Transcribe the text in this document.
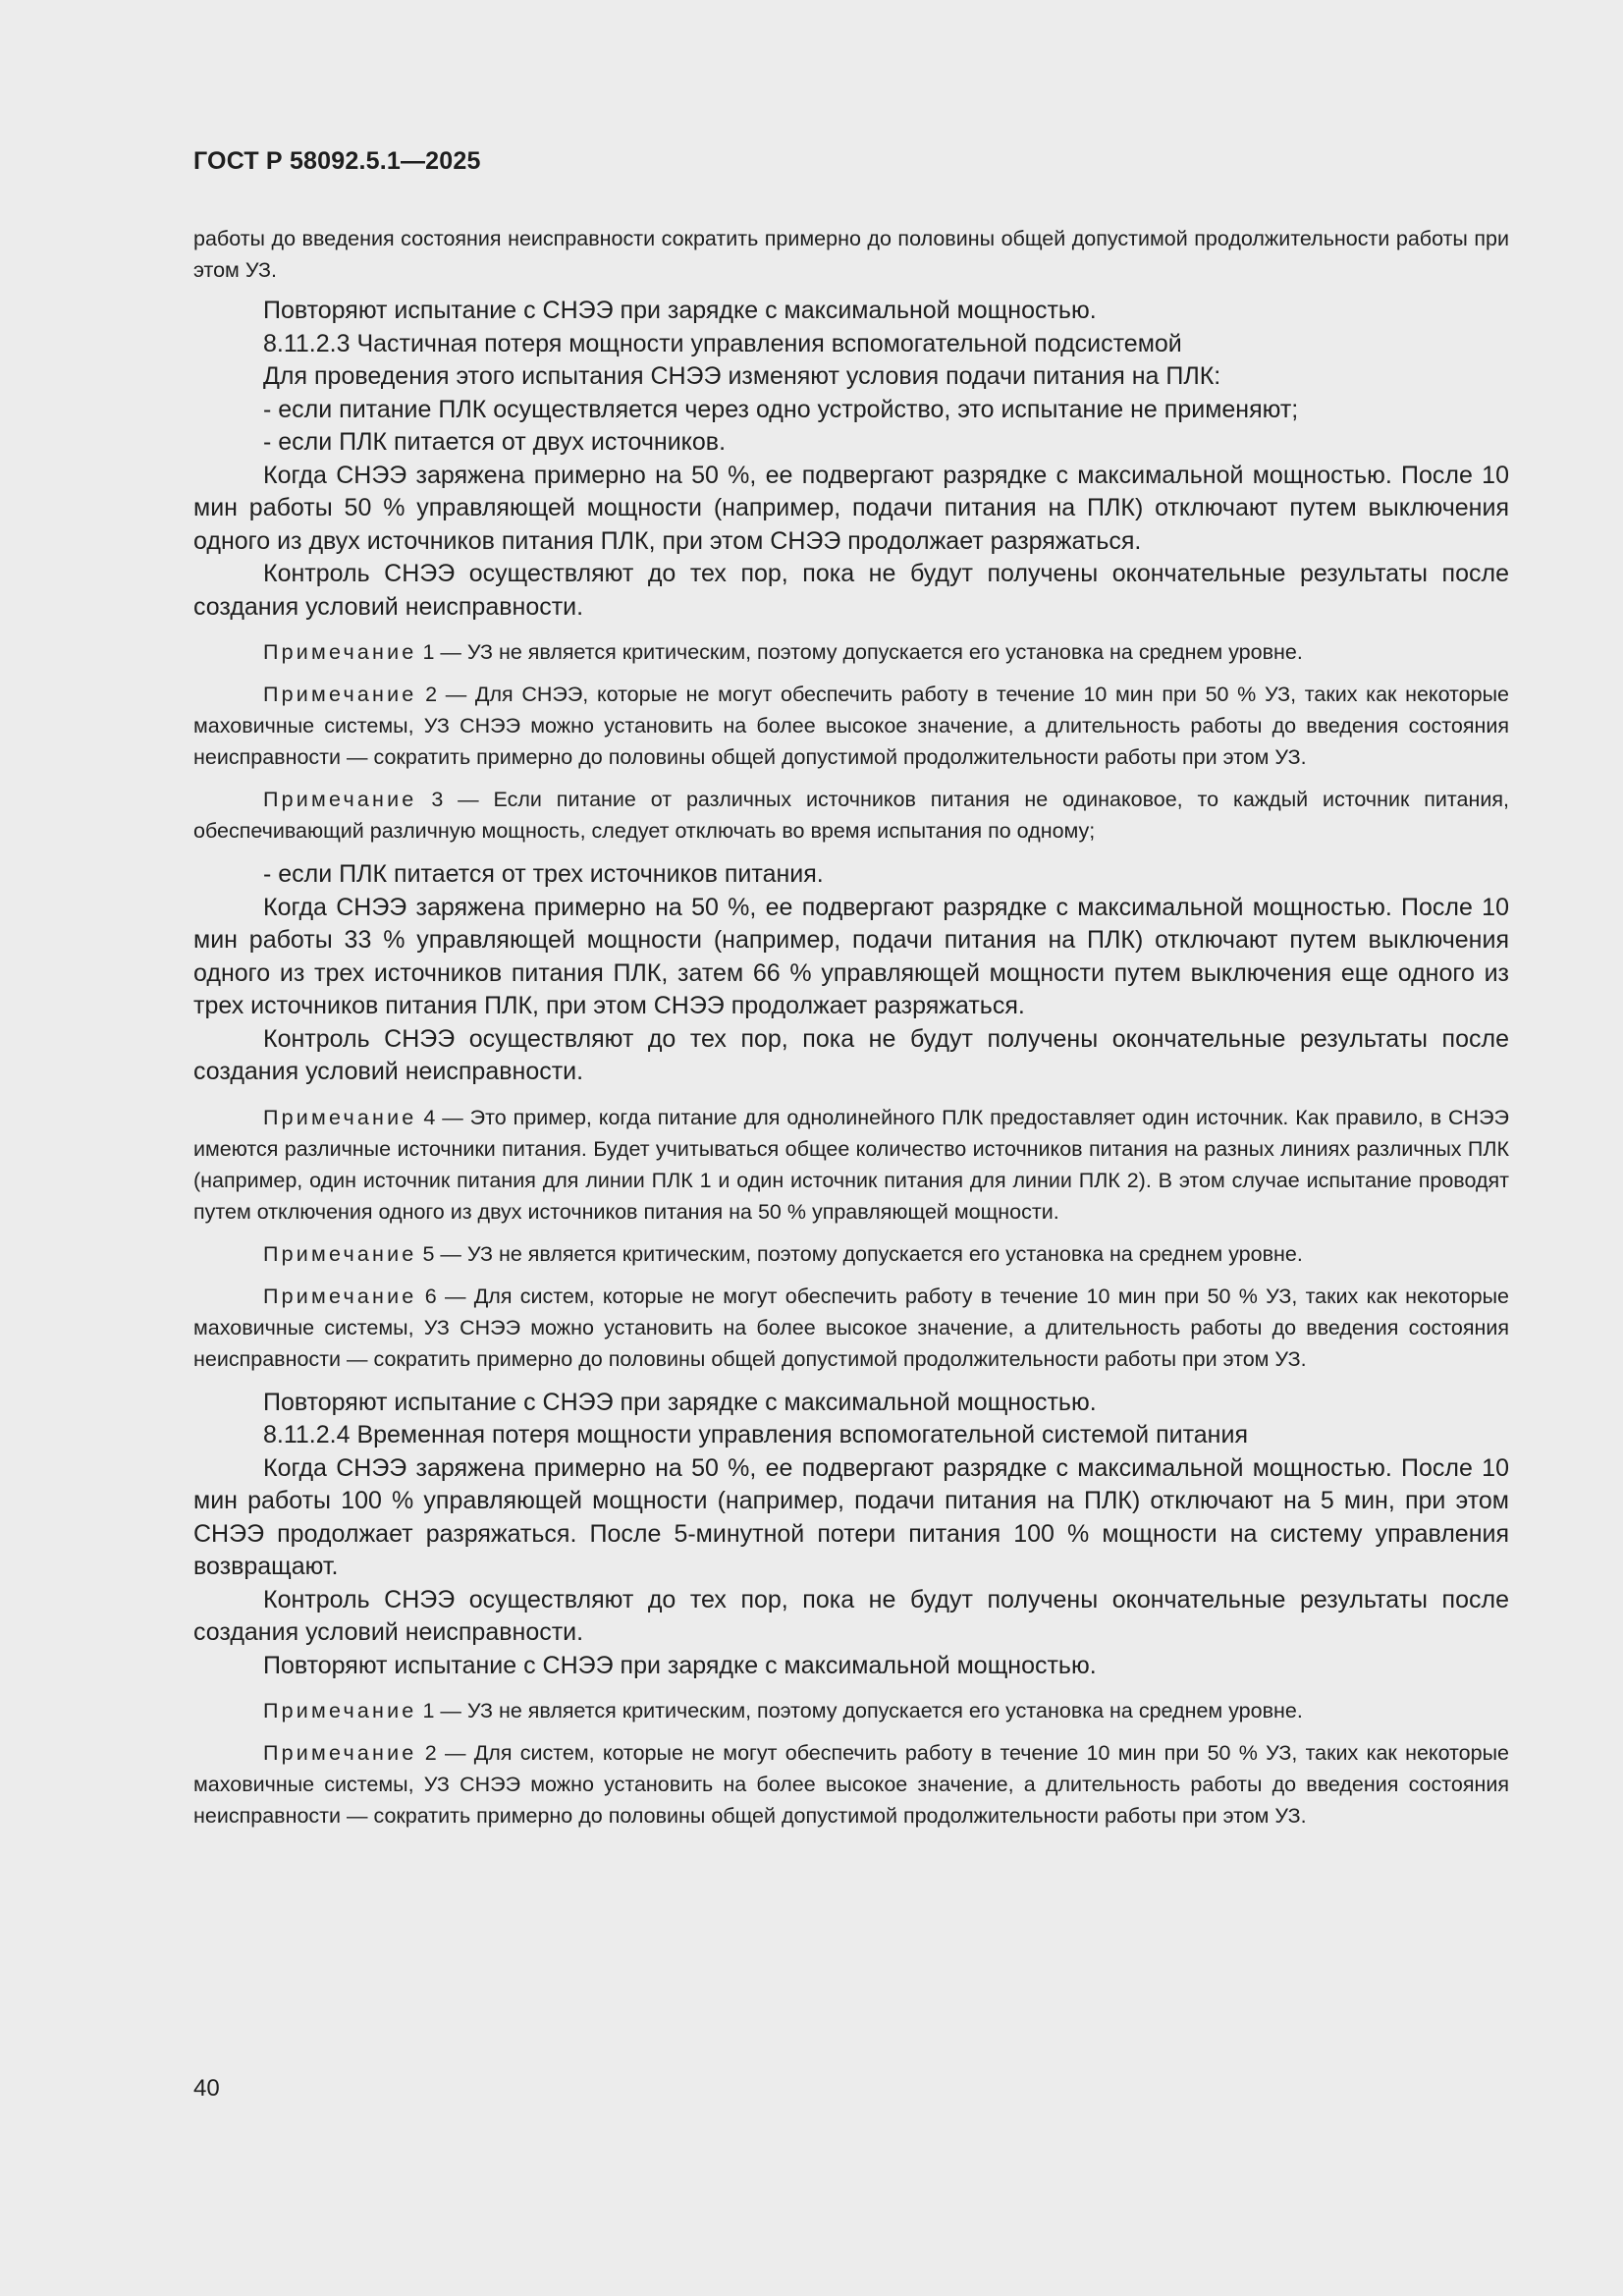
ГОСТ Р 58092.5.1—2025

работы до введения состояния неисправности сократить примерно до половины общей допустимой продолжительности работы при этом УЗ.

Повторяют испытание с СНЭЭ при зарядке с максимальной мощностью.

8.11.2.3 Частичная потеря мощности управления вспомогательной подсистемой

Для проведения этого испытания СНЭЭ изменяют условия подачи питания на ПЛК:

- если питание ПЛК осуществляется через одно устройство, это испытание не применяют;

- если ПЛК питается от двух источников.

Когда СНЭЭ заряжена примерно на 50 %, ее подвергают разрядке с максимальной мощностью. После 10 мин работы 50 % управляющей мощности (например, подачи питания на ПЛК) отключают путем выключения одного из двух источников питания ПЛК, при этом СНЭЭ продолжает разряжаться.

Контроль СНЭЭ осуществляют до тех пор, пока не будут получены окончательные результаты после создания условий неисправности.

Примечание 1 — УЗ не является критическим, поэтому допускается его установка на среднем уровне.

Примечание 2 — Для СНЭЭ, которые не могут обеспечить работу в течение 10 мин при 50 % УЗ, таких как некоторые маховичные системы, УЗ СНЭЭ можно установить на более высокое значение, а длительность работы до введения состояния неисправности — сократить примерно до половины общей допустимой продолжительности работы при этом УЗ.

Примечание 3 — Если питание от различных источников питания не одинаковое, то каждый источник питания, обеспечивающий различную мощность, следует отключать во время испытания по одному;

- если ПЛК питается от трех источников питания.

Когда СНЭЭ заряжена примерно на 50 %, ее подвергают разрядке с максимальной мощностью. После 10 мин работы 33 % управляющей мощности (например, подачи питания на ПЛК) отключают путем выключения одного из трех источников питания ПЛК, затем 66 % управляющей мощности путем выключения еще одного из трех источников питания ПЛК, при этом СНЭЭ продолжает разряжаться.

Контроль СНЭЭ осуществляют до тех пор, пока не будут получены окончательные результаты после создания условий неисправности.

Примечание 4 — Это пример, когда питание для однолинейного ПЛК предоставляет один источник. Как правило, в СНЭЭ имеются различные источники питания. Будет учитываться общее количество источников питания на разных линиях различных ПЛК (например, один источник питания для линии ПЛК 1 и один источник питания для линии ПЛК 2). В этом случае испытание проводят путем отключения одного из двух источников питания на 50 % управляющей мощности.

Примечание 5 — УЗ не является критическим, поэтому допускается его установка на среднем уровне.

Примечание 6 — Для систем, которые не могут обеспечить работу в течение 10 мин при 50 % УЗ, таких как некоторые маховичные системы, УЗ СНЭЭ можно установить на более высокое значение, а длительность работы до введения состояния неисправности — сократить примерно до половины общей допустимой продолжительности работы при этом УЗ.

Повторяют испытание с СНЭЭ при зарядке с максимальной мощностью.

8.11.2.4 Временная потеря мощности управления вспомогательной системой питания

Когда СНЭЭ заряжена примерно на 50 %, ее подвергают разрядке с максимальной мощностью. После 10 мин работы 100 % управляющей мощности (например, подачи питания на ПЛК) отключают на 5 мин, при этом СНЭЭ продолжает разряжаться. После 5-минутной потери питания 100 % мощности на систему управления возвращают.

Контроль СНЭЭ осуществляют до тех пор, пока не будут получены окончательные результаты после создания условий неисправности.

Повторяют испытание с СНЭЭ при зарядке с максимальной мощностью.

Примечание 1 — УЗ не является критическим, поэтому допускается его установка на среднем уровне.

Примечание 2 — Для систем, которые не могут обеспечить работу в течение 10 мин при 50 % УЗ, таких как некоторые маховичные системы, УЗ СНЭЭ можно установить на более высокое значение, а длительность работы до введения состояния неисправности — сократить примерно до половины общей допустимой продолжительности работы при этом УЗ.

40
